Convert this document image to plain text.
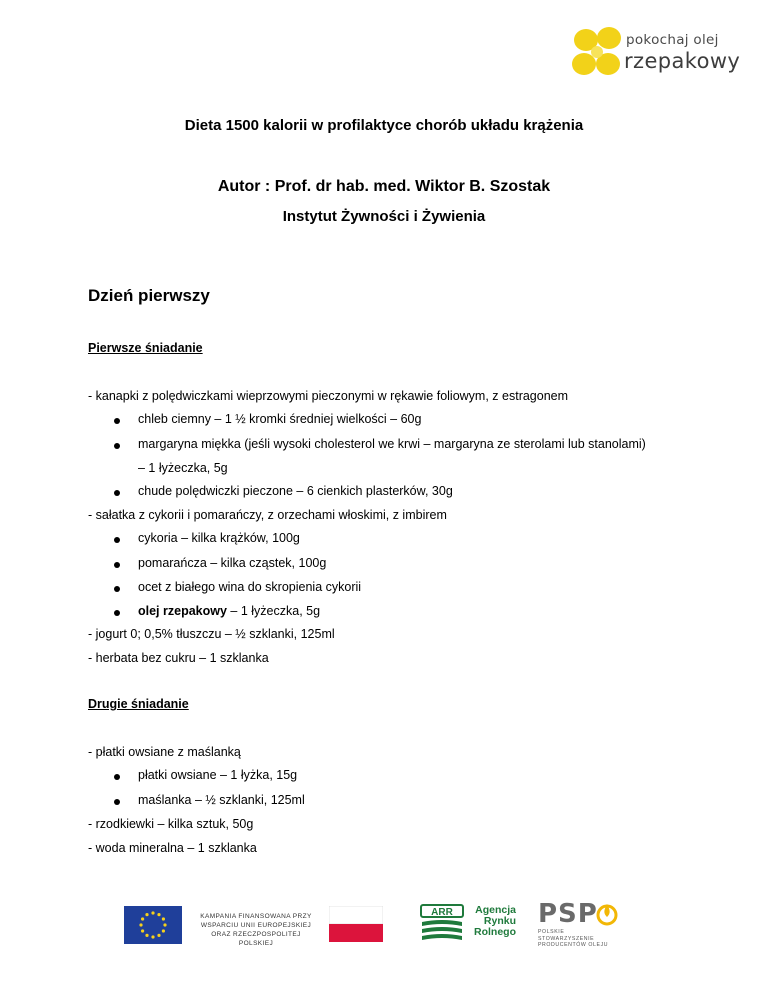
pokochaj olej
rzepakowy
Dieta 1500 kalorii w profilaktyce chorób układu krążenia
Autor : Prof. dr hab. med. Wiktor B. Szostak
Instytut Żywności i Żywienia
Dzień pierwszy
Pierwsze śniadanie
- kanapki z polędwiczkami wieprzowymi pieczonymi w rękawie foliowym, z estragonem
chleb ciemny – 1 ½ kromki średniej wielkości – 60g
margaryna miękka (jeśli wysoki cholesterol we krwi – margaryna ze sterolami lub stanolami)
– 1 łyżeczka, 5g
chude polędwiczki pieczone – 6 cienkich plasterków, 30g
- sałatka z cykorii i pomarańczy, z orzechami włoskimi, z imbirem
cykoria – kilka krążków, 100g
pomarańcza – kilka cząstek, 100g
ocet z białego wina do skropienia cykorii
olej rzepakowy – 1 łyżeczka, 5g
- jogurt 0; 0,5% tłuszczu – ½ szklanki, 125ml
- herbata bez cukru – 1 szklanka
Drugie śniadanie
- płatki owsiane z maślanką
płatki owsiane – 1 łyżka, 15g
maślanka – ½ szklanki, 125ml
- rzodkiewki – kilka sztuk, 50g
- woda mineralna – 1 szklanka
KAMPANIA FINANSOWANA PRZY WSPARCIU UNII EUROPEJSKIEJ ORAZ RZECZPOSPOLITEJ POLSKIEJ
ARR	Agencja
Rynku
Rolnego
PSP
POLSKIE STOWARZYSZENIE PRODUCENTÓW OLEJU
